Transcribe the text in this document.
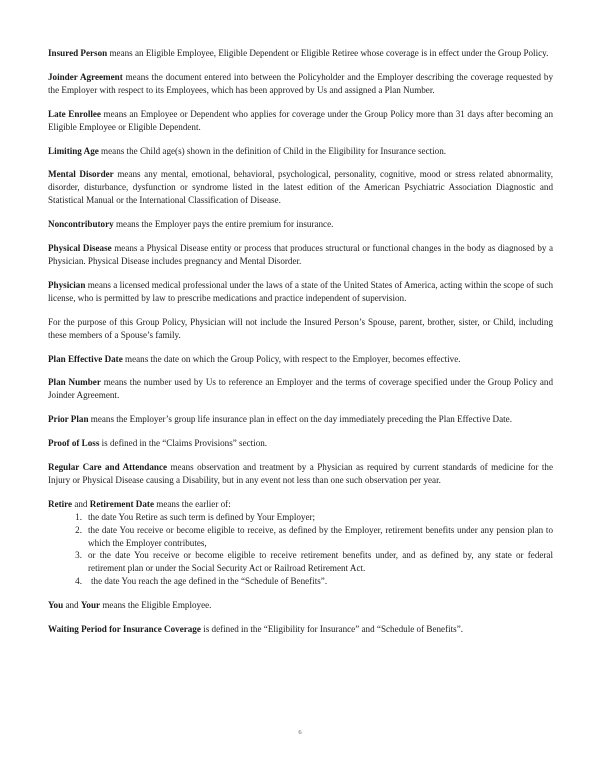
Insured Person means an Eligible Employee, Eligible Dependent or Eligible Retiree whose coverage is in effect under the Group Policy.

Joinder Agreement means the document entered into between the Policyholder and the Employer describing the coverage requested by the Employer with respect to its Employees, which has been approved by Us and assigned a Plan Number.

Late Enrollee means an Employee or Dependent who applies for coverage under the Group Policy more than 31 days after becoming an Eligible Employee or Eligible Dependent.

Limiting Age means the Child age(s) shown in the definition of Child in the Eligibility for Insurance section.

Mental Disorder means any mental, emotional, behavioral, psychological, personality, cognitive, mood or stress related abnormality, disorder, disturbance, dysfunction or syndrome listed in the latest edition of the American Psychiatric Association Diagnostic and Statistical Manual or the International Classification of Disease.

Noncontributory means the Employer pays the entire premium for insurance.

Physical Disease means a Physical Disease entity or process that produces structural or functional changes in the body as diagnosed by a Physician. Physical Disease includes pregnancy and Mental Disorder.

Physician means a licensed medical professional under the laws of a state of the United States of America, acting within the scope of such license, who is permitted by law to prescribe medications and practice independent of supervision.

For the purpose of this Group Policy, Physician will not include the Insured Person’s Spouse, parent, brother, sister, or Child, including these members of a Spouse’s family.

Plan Effective Date means the date on which the Group Policy, with respect to the Employer, becomes effective.

Plan Number means the number used by Us to reference an Employer and the terms of coverage specified under the Group Policy and Joinder Agreement.

Prior Plan means the Employer’s group life insurance plan in effect on the day immediately preceding the Plan Effective Date.

Proof of Loss is defined in the “Claims Provisions” section.

Regular Care and Attendance means observation and treatment by a Physician as required by current standards of medicine for the Injury or Physical Disease causing a Disability, but in any event not less than one such observation per year.

Retire and Retirement Date means the earlier of:

the date You Retire as such term is defined by Your Employer;
the date You receive or become eligible to receive, as defined by the Employer, retirement benefits under any pension plan to which the Employer contributes,
or the date You receive or become eligible to receive retirement benefits under, and as defined by, any state or federal retirement plan or under the Social Security Act or Railroad Retirement Act.
the date You reach the age defined in the “Schedule of Benefits”.

You and Your means the Eligible Employee.

Waiting Period for Insurance Coverage is defined in the “Eligibility for Insurance” and “Schedule of Benefits”.

6
